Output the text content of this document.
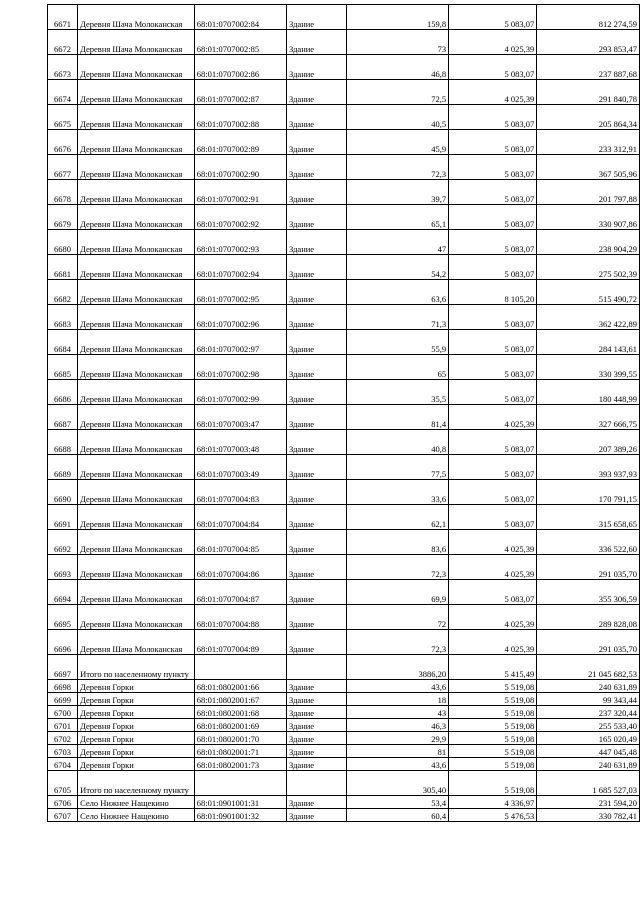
6671	Деревня Шача Молоканская	68:01:0707002:84	Здание	159,8	5 083,07	812 274,59
6672	Деревня Шача Молоканская	68:01:0707002:85	Здание	73	4 025,39	293 853,47
6673	Деревня Шача Молоканская	68:01:0707002:86	Здание	46,8	5 083,07	237 887,68
6674	Деревня Шача Молоканская	68:01:0707002:87	Здание	72,5	4 025,39	291 840,78
6675	Деревня Шача Молоканская	68:01:0707002:88	Здание	40,5	5 083,07	205 864,34
6676	Деревня Шача Молоканская	68:01:0707002:89	Здание	45,9	5 083,07	233 312,91
6677	Деревня Шача Молоканская	68:01:0707002:90	Здание	72,3	5 083,07	367 505,96
6678	Деревня Шача Молоканская	68:01:0707002:91	Здание	39,7	5 083,07	201 797,88
6679	Деревня Шача Молоканская	68:01:0707002:92	Здание	65,1	5 083,07	330 907,86
6680	Деревня Шача Молоканская	68:01:0707002:93	Здание	47	5 083,07	238 904,29
6681	Деревня Шача Молоканская	68:01:0707002:94	Здание	54,2	5 083,07	275 502,39
6682	Деревня Шача Молоканская	68:01:0707002:95	Здание	63,6	8 105,20	515 490,72
6683	Деревня Шача Молоканская	68:01:0707002:96	Здание	71,3	5 083,07	362 422,89
6684	Деревня Шача Молоканская	68:01:0707002:97	Здание	55,9	5 083,07	284 143,61
6685	Деревня Шача Молоканская	68:01:0707002:98	Здание	65	5 083,07	330 399,55
6686	Деревня Шача Молоканская	68:01:0707002:99	Здание	35,5	5 083,07	180 448,99
6687	Деревня Шача Молоканская	68:01:0707003:47	Здание	81,4	4 025,39	327 666,75
6688	Деревня Шача Молоканская	68:01:0707003:48	Здание	40,8	5 083,07	207 389,26
6689	Деревня Шача Молоканская	68:01:0707003:49	Здание	77,5	5 083,07	393 937,93
6690	Деревня Шача Молоканская	68:01:0707004:83	Здание	33,6	5 083,07	170 791,15
6691	Деревня Шача Молоканская	68:01:0707004:84	Здание	62,1	5 083,07	315 658,65
6692	Деревня Шача Молоканская	68:01:0707004:85	Здание	83,6	4 025,39	336 522,60
6693	Деревня Шача Молоканская	68:01:0707004:86	Здание	72,3	4 025,39	291 035,70
6694	Деревня Шача Молоканская	68:01:0707004:87	Здание	69,9	5 083,07	355 306,59
6695	Деревня Шача Молоканская	68:01:0707004:88	Здание	72	4 025,39	289 828,08
6696	Деревня Шача Молоканская	68:01:0707004:89	Здание	72,3	4 025,39	291 035,70
6697	Итого по населенному пункту			3886,20	5 415,49	21 045 682,53
6698	Деревня Горки	68:01:0802001:66	Здание	43,6	5 519,08	240 631,89
6699	Деревня Горки	68:01:0802001:67	Здание	18	5 519,08	99 343,44
6700	Деревня Горки	68:01:0802001:68	Здание	43	5 519,08	237 320,44
6701	Деревня Горки	68:01:0802001:69	Здание	46,3	5 519,08	255 533,40
6702	Деревня Горки	68:01:0802001:70	Здание	29,9	5 519,08	165 020,49
6703	Деревня Горки	68:01:0802001:71	Здание	81	5 519,08	447 045,48
6704	Деревня Горки	68:01:0802001:73	Здание	43,6	5 519,08	240 631,89
6705	Итого по населенному пункту			305,40	5 519,08	1 685 527,03
6706	Село Нижнее Нащекино	68:01:0901001:31	Здание	53,4	4 336,97	231 594,20
6707	Село Нижнее Нащекино	68:01:0901001:32	Здание	60,4	5 476,53	330 782,41
